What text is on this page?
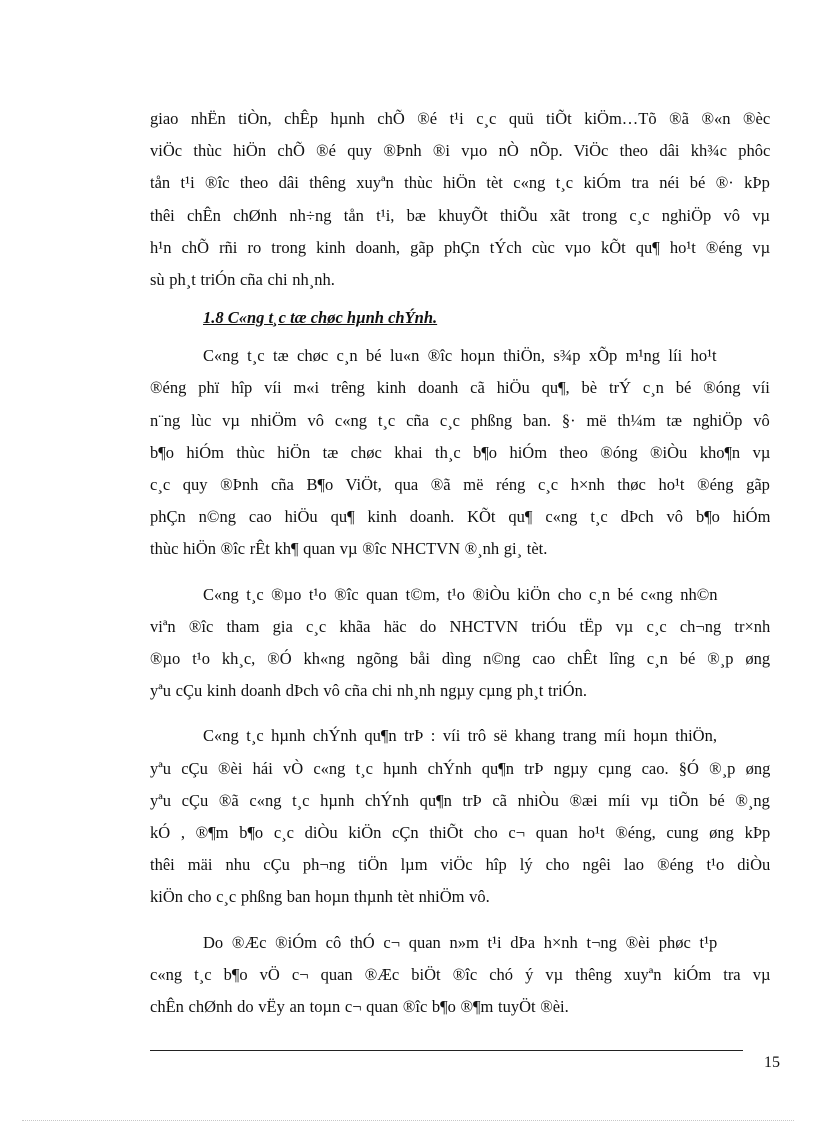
giao nhËn tiÒn, chÊp hµnh chÕ ®é t¹i c¸c quü tiÕt kiÖm…Tõ ®ã ®«n ®èc
viÖc thùc hiÖn chÕ ®é quy ®Þnh ®i vµo nÒ nÕp. ViÖc theo dâi kh¾c phôc
tån t¹i ®îc theo dâi thêng xuyªn thùc hiÖn tèt c«ng t¸c kiÓm tra néi bé ®· kÞp
thêi chÊn chØnh nh÷ng tån t¹i, bæ khuyÕt thiÕu xãt trong c¸c nghiÖp vô vµ
h¹n chÕ rñi ro trong kinh doanh, gãp phÇn tÝch cùc vµo kÕt qu¶ ho¹t ®éng vµ
sù ph¸t triÓn cña chi nh¸nh.

1.8 C«ng t¸c tæ chøc hµnh chÝnh.

C«ng t¸c tæ chøc c¸n bé lu«n ®îc hoµn thiÖn, s¾p xÕp m¹ng líi ho¹t
®éng phï hîp víi m«i trêng kinh doanh cã hiÖu qu¶, bè trÝ c¸n bé ®óng víi
n¨ng lùc vµ nhiÖm vô c«ng t¸c cña c¸c phßng ban. §· më th¼m tæ nghiÖp vô
b¶o hiÓm thùc hiÖn tæ chøc khai th¸c b¶o hiÓm theo ®óng ®iÒu kho¶n vµ
c¸c quy ®Þnh cña B¶o ViÖt, qua ®ã më réng c¸c h×nh thøc ho¹t ®éng gãp
phÇn n©ng cao hiÖu qu¶ kinh doanh. KÕt qu¶ c«ng t¸c dÞch vô b¶o hiÓm
thùc hiÖn ®îc rÊt kh¶ quan vµ ®îc NHCTVN ®¸nh gi¸ tèt.

C«ng t¸c ®µo t¹o ®îc quan t©m, t¹o ®iÒu kiÖn cho c¸n bé c«ng nh©n
viªn ®îc tham gia c¸c khãa häc do NHCTVN triÓu tËp vµ c¸c ch¬ng tr×nh
®µo t¹o kh¸c, ®Ó kh«ng ngõng båi dìng n©ng cao chÊt lîng c¸n bé ®¸p øng
yªu cÇu kinh doanh dÞch vô cña chi nh¸nh ngµy cµng ph¸t triÓn.

C«ng t¸c hµnh chÝnh qu¶n trÞ : víi trô së khang trang míi hoµn thiÖn,
yªu cÇu ®èi hái vÒ c«ng t¸c hµnh chÝnh qu¶n trÞ ngµy cµng cao. §Ó ®¸p øng
yªu cÇu ®ã c«ng t¸c hµnh chÝnh qu¶n trÞ cã nhiÒu ®æi míi vµ tiÕn bé ®¸ng
kÓ , ®¶m b¶o c¸c diÒu kiÖn cÇn thiÕt cho c¬ quan ho¹t ®éng, cung øng kÞp
thêi mäi nhu cÇu ph¬ng tiÖn lµm viÖc hîp lý cho ngêi lao ®éng t¹o diÒu
kiÖn cho c¸c phßng ban hoµn thµnh tèt nhiÖm vô.

Do ®Æc ®iÓm cô thÓ c¬ quan n»m t¹i dÞa h×nh t¬ng ®èi phøc t¹p
c«ng t¸c b¶o vÖ c¬ quan ®Æc biÖt ®îc chó ý vµ thêng xuyªn kiÓm tra vµ
chÊn chØnh do vËy an toµn c¬ quan ®îc b¶o ®¶m tuyÖt ®èi.

15
